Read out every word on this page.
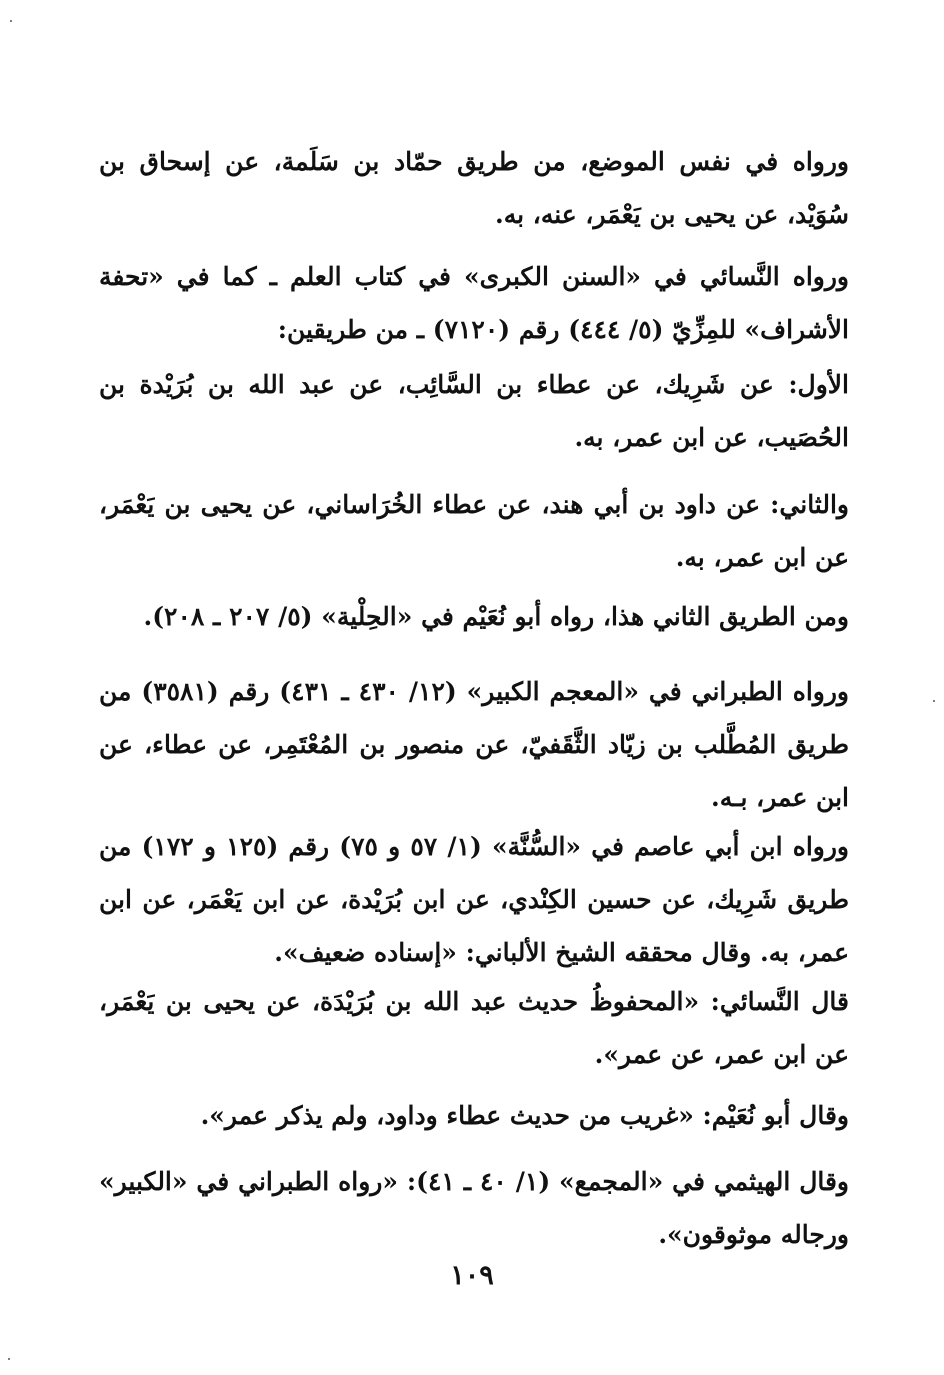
ورواه في نفس الموضع، من طريق حمّاد بن سَلَمة، عن إسحاق بن سُوَيْد، عن يحيى بن يَعْمَر، عنه، به.

ورواه النَّسائي في «السنن الكبرى» في كتاب العلم ـ كما في «تحفة الأشراف» للمِزِّيّ (٥/ ٤٤٤) رقم (٧١٢٠) ـ من طريقين:

الأول: عن شَرِيك، عن عطاء بن السَّائِب، عن عبد الله بن بُرَيْدة بن الحُصَيب، عن ابن عمر، به.

والثاني: عن داود بن أبي هند، عن عطاء الخُرَاساني، عن يحيى بن يَعْمَر، عن ابن عمر، به.

ومن الطريق الثاني هذا، رواه أبو نُعَيْم في «الحِلْية» (٥/ ٢٠٧ ـ ٢٠٨).

ورواه الطبراني في «المعجم الكبير» (١٢/ ٤٣٠ ـ ٤٣١) رقم (٣٥٨١) من طريق المُطَّلب بن زيّاد الثَّقَفيّ، عن منصور بن المُعْتَمِر، عن عطاء، عن ابن عمر، بـه.

ورواه ابن أبي عاصم في «السُّنَّة» (١/ ٥٧ و ٧٥) رقم (١٢٥ و ١٧٢) من طريق شَرِيك، عن حسين الكِنْدي، عن ابن بُرَيْدة، عن ابن يَعْمَر، عن ابن عمر، به. وقال محققه الشيخ الألباني: «إسناده ضعيف».

قال النَّسائي: «المحفوظُ حديث عبد الله بن بُرَيْدَة، عن يحيى بن يَعْمَر، عن ابن عمر، عن عمر».

وقال أبو نُعَيْم: «غريب من حديث عطاء وداود، ولم يذكر عمر».

وقال الهيثمي في «المجمع» (١/ ٤٠ ـ ٤١): «رواه الطبراني في «الكبير» ورجاله موثوقون».

١٠٩
